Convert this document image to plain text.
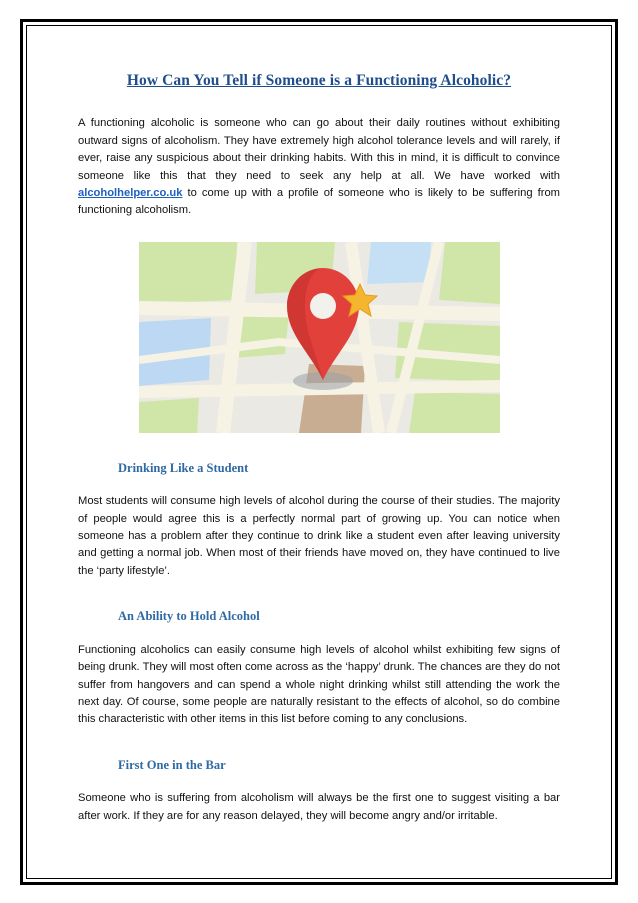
How Can You Tell if Someone is a Functioning Alcoholic?

A functioning alcoholic is someone who can go about their daily routines without exhibiting outward signs of alcoholism. They have extremely high alcohol tolerance levels and will rarely, if ever, raise any suspicious about their drinking habits. With this in mind, it is difficult to convince someone like this that they need to seek any help at all. We have worked with alcoholhelper.co.uk to come up with a profile of someone who is likely to be suffering from functioning alcoholism.

Drinking Like a Student

Most students will consume high levels of alcohol during the course of their studies. The majority of people would agree this is a perfectly normal part of growing up. You can notice when someone has a problem after they continue to drink like a student even after leaving university and getting a normal job. When most of their friends have moved on, they have continued to live the ‘party lifestyle’.

An Ability to Hold Alcohol

Functioning alcoholics can easily consume high levels of alcohol whilst exhibiting few signs of being drunk. They will most often come across as the ‘happy’ drunk. The chances are they do not suffer from hangovers and can spend a whole night drinking whilst still attending the work the next day. Of course, some people are naturally resistant to the effects of alcohol, so do combine this characteristic with other items in this list before coming to any conclusions.

First One in the Bar

Someone who is suffering from alcoholism will always be the first one to suggest visiting a bar after work. If they are for any reason delayed, they will become angry and/or irritable.
